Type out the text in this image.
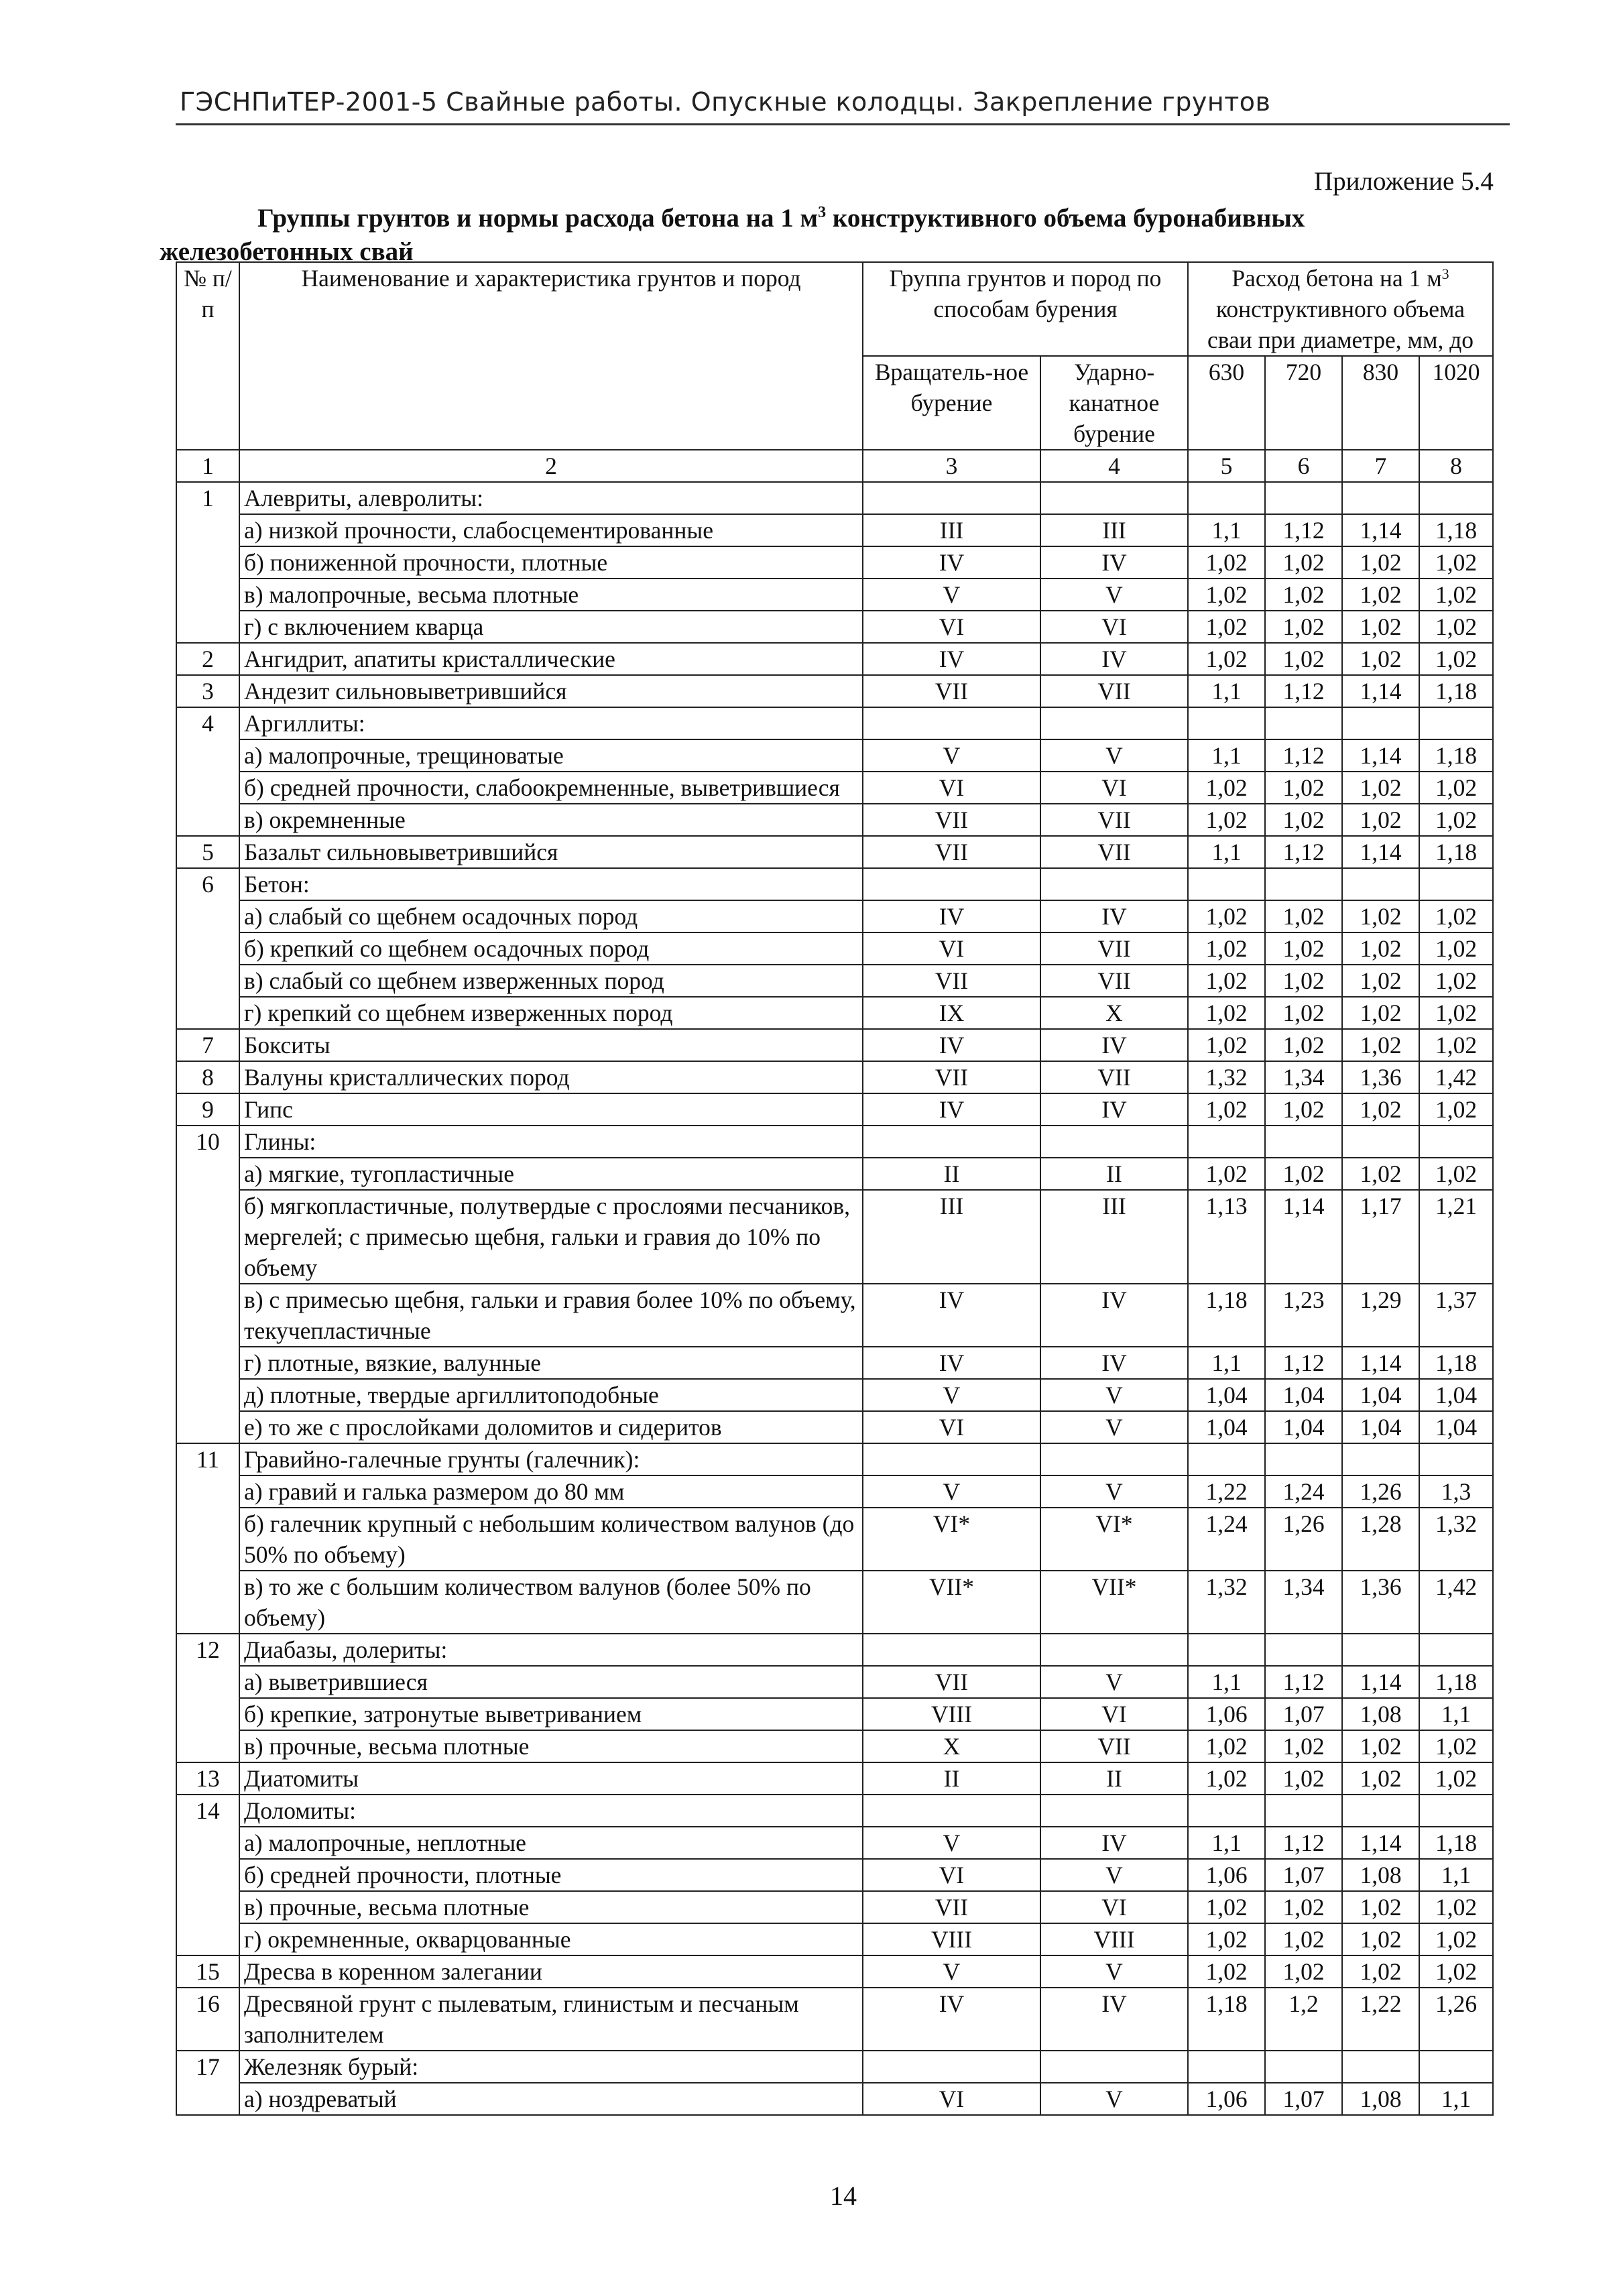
ГЭСНПиТЕР-2001-5 Свайные работы. Опускные колодцы. Закрепление грунтов
Приложение 5.4
Группы грунтов и нормы расхода бетона на 1 $м^3$ конструктивного объема буронабивных железобетонных свай
№ п/п	Наименование и характеристика грунтов и пород	Группа грунтов и пород по способам бурения		Расход бетона на 1 $м^3$ конструктивного объема сваи при диаметре, мм, до			
		Вращатель-ное бурение	Ударно-канатное бурение	630	720	830	1020
1	2	3	4	5	6	7	8
1	Алевриты, алевролиты:						
	а) низкой прочности, слабосцементированные	III	III	1,1	1,12	1,14	1,18
	б) пониженной прочности, плотные	IV	IV	1,02	1,02	1,02	1,02
	в) малопрочные, весьма плотные	V	V	1,02	1,02	1,02	1,02
	г) с включением кварца	VI	VI	1,02	1,02	1,02	1,02
2	Ангидрит, апатиты кристаллические	IV	IV	1,02	1,02	1,02	1,02
3	Андезит сильновыветрившийся	VII	VII	1,1	1,12	1,14	1,18
4	Аргиллиты:						
	а) малопрочные, трещиноватые	V	V	1,1	1,12	1,14	1,18
	б) средней прочности, слабоокремненные, выветрившиеся	VI	VI	1,02	1,02	1,02	1,02
	в) окремненные	VII	VII	1,02	1,02	1,02	1,02
5	Базальт сильновыветрившийся	VII	VII	1,1	1,12	1,14	1,18
6	Бетон:						
	а) слабый со щебнем осадочных пород	IV	IV	1,02	1,02	1,02	1,02
	б) крепкий со щебнем осадочных пород	VI	VII	1,02	1,02	1,02	1,02
	в) слабый со щебнем изверженных пород	VII	VII	1,02	1,02	1,02	1,02
	г) крепкий со щебнем изверженных пород	IX	X	1,02	1,02	1,02	1,02
7	Бокситы	IV	IV	1,02	1,02	1,02	1,02
8	Валуны кристаллических пород	VII	VII	1,32	1,34	1,36	1,42
9	Гипс	IV	IV	1,02	1,02	1,02	1,02
10	Глины:						
	а) мягкие, тугопластичные	II	II	1,02	1,02	1,02	1,02
	б) мягкопластичные, полутвердые с прослоями песчаников, мергелей; с примесью щебня, гальки и гравия до 10% по объему	III	III	1,13	1,14	1,17	1,21
	в) с примесью щебня, гальки и гравия более 10% по объему, текучепластичные	IV	IV	1,18	1,23	1,29	1,37
	г) плотные, вязкие, валунные	IV	IV	1,1	1,12	1,14	1,18
	д) плотные, твердые аргиллитоподобные	V	V	1,04	1,04	1,04	1,04
	е) то же с прослойками доломитов и сидеритов	VI	V	1,04	1,04	1,04	1,04
11	Гравийно-галечные грунты (галечник):						
	а) гравий и галька размером до 80 мм	V	V	1,22	1,24	1,26	1,3
	б) галечник крупный с небольшим количеством валунов (до 50% по объему)	VI*	VI*	1,24	1,26	1,28	1,32
	в) то же с большим количеством валунов (более 50% по объему)	VII*	VII*	1,32	1,34	1,36	1,42
12	Диабазы, долериты:						
	а) выветрившиеся	VII	V	1,1	1,12	1,14	1,18
	б) крепкие, затронутые выветриванием	VIII	VI	1,06	1,07	1,08	1,1
	в) прочные, весьма плотные	X	VII	1,02	1,02	1,02	1,02
13	Диатомиты	II	II	1,02	1,02	1,02	1,02
14	Доломиты:						
	а) малопрочные, неплотные	V	IV	1,1	1,12	1,14	1,18
	б) средней прочности, плотные	VI	V	1,06	1,07	1,08	1,1
	в) прочные, весьма плотные	VII	VI	1,02	1,02	1,02	1,02
	г) окремненные, окварцованные	VIII	VIII	1,02	1,02	1,02	1,02
15	Дресва в коренном залегании	V	V	1,02	1,02	1,02	1,02
16	Дресвяной грунт с пылеватым, глинистым и песчаным заполнителем	IV	IV	1,18	1,2	1,22	1,26
17	Железняк бурый:						
	а) ноздреватый	VI	V	1,06	1,07	1,08	1,1
14
